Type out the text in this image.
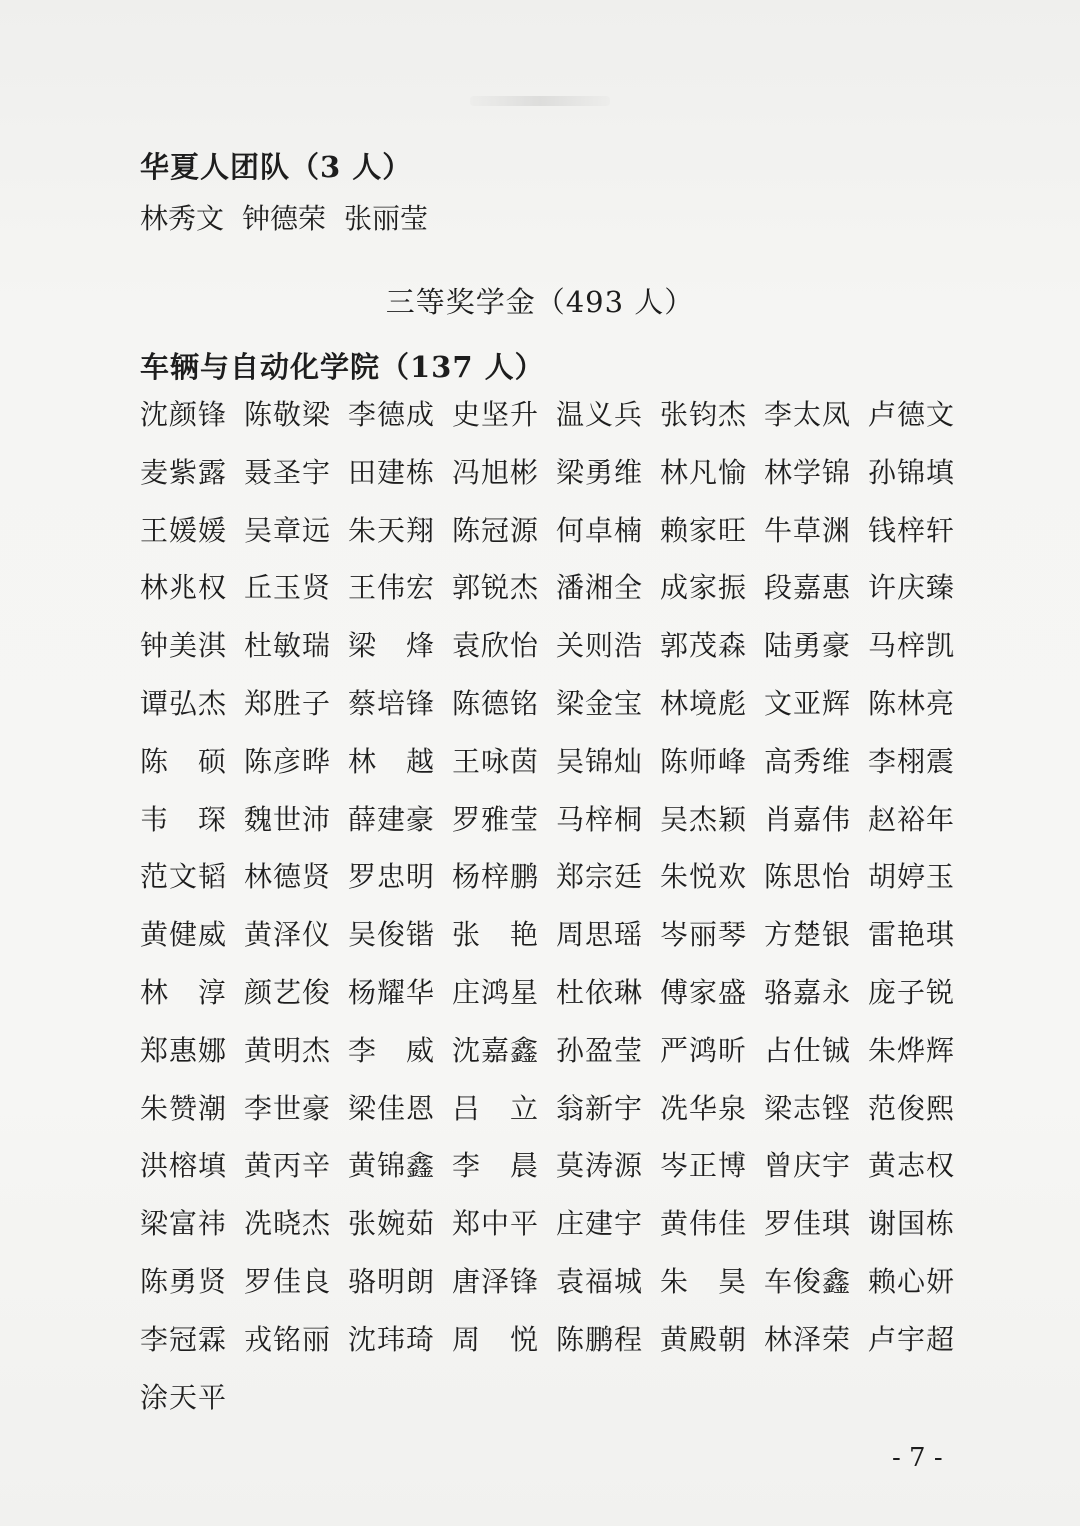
华夏人团队（3 人）
林秀文 钟德荣 张丽莹
三等奖学金（493 人）
车辆与自动化学院（137 人）
沈颜锋 陈敬梁 李德成 史坚升 温义兵 张钧杰 李太凤 卢德文
麦紫露 聂圣宇 田建栋 冯旭彬 梁勇维 林凡愉 林学锦 孙锦填
王媛媛 吴章远 朱天翔 陈冠源 何卓楠 赖家旺 牛草渊 钱梓轩
林兆权 丘玉贤 王伟宏 郭锐杰 潘湘全 成家振 段嘉惠 许庆臻
钟美淇 杜敏瑞 梁　烽 袁欣怡 关则浩 郭茂森 陆勇豪 马梓凯
谭弘杰 郑胜子 蔡培锋 陈德铭 梁金宝 林境彪 文亚辉 陈林亮
陈　硕 陈彦晔 林　越 王咏茵 吴锦灿 陈师峰 高秀维 李栩震
韦　琛 魏世沛 薛建豪 罗雅莹 马梓桐 吴杰颖 肖嘉伟 赵裕年
范文韬 林德贤 罗忠明 杨梓鹏 郑宗廷 朱悦欢 陈思怡 胡婷玉
黄健威 黄泽仪 吴俊锴 张　艳 周思瑶 岑丽琴 方楚银 雷艳琪
林　淳 颜艺俊 杨耀华 庄鸿星 杜依琳 傅家盛 骆嘉永 庞子锐
郑惠娜 黄明杰 李　威 沈嘉鑫 孙盈莹 严鸿昕 占仕铖 朱烨辉
朱赞潮 李世豪 梁佳恩 吕　立 翁新宇 冼华泉 梁志铿 范俊熙
洪榕填 黄丙辛 黄锦鑫 李　晨 莫涛源 岑正博 曾庆宇 黄志权
梁富祎 冼晓杰 张婉茹 郑中平 庄建宇 黄伟佳 罗佳琪 谢国栋
陈勇贤 罗佳良 骆明朗 唐泽锋 袁福城 朱　昊 车俊鑫 赖心妍
李冠霖 戎铭丽 沈玮琦 周　悦 陈鹏程 黄殿朝 林泽荣 卢宇超
涂天平
- 7 -
